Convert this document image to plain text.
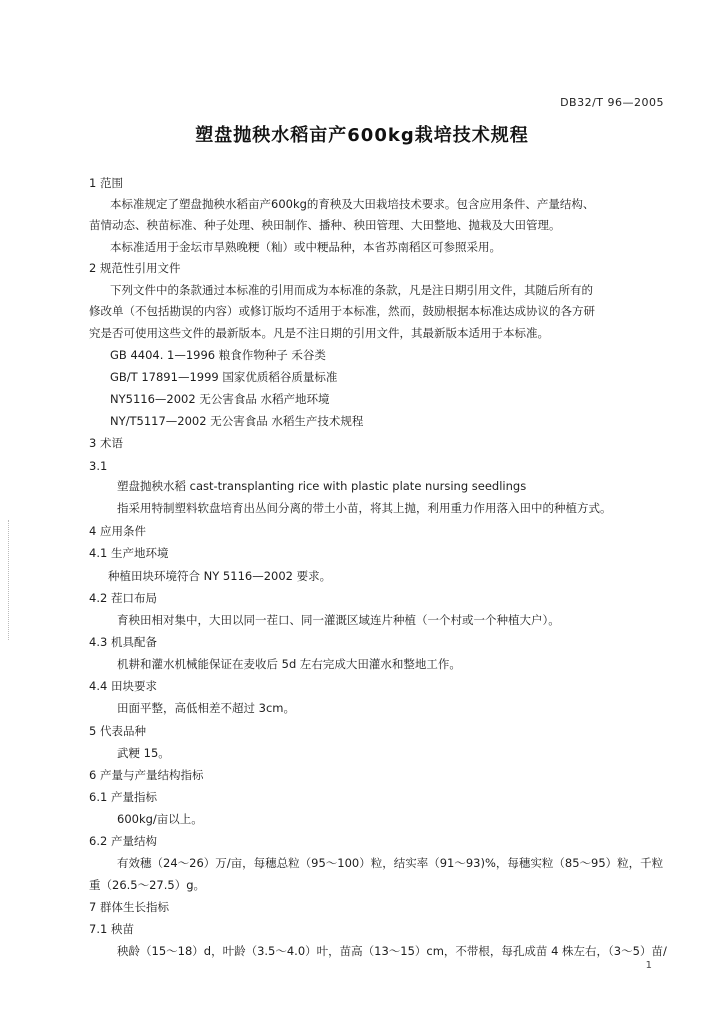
DB32/T 96—2005
塑盘抛秧水稻亩产600kg栽培技术规程
1 范围
本标准规定了塑盘抛秧水稻亩产600kg的育秧及大田栽培技术要求。包含应用条件、产量结构、
苗情动态、秧苗标准、种子处理、秧田制作、播种、秧田管理、大田整地、抛栽及大田管理。
本标准适用于金坛市旱熟晚粳（籼）或中粳品种，本省苏南稻区可参照采用。
2 规范性引用文件
下列文件中的条款通过本标准的引用而成为本标准的条款，凡是注日期引用文件，其随后所有的
修改单（不包括勘误的内容）或修订版均不适用于本标准，然而，鼓励根据本标准达成协议的各方研
究是否可使用这些文件的最新版本。凡是不注日期的引用文件，其最新版本适用于本标准。
GB 4404. 1—1996 粮食作物种子 禾谷类
GB/T 17891—1999 国家优质稻谷质量标准
NY5116—2002 无公害食品 水稻产地环境
NY/T5117—2002 无公害食品 水稻生产技术规程
3 术语
3.1
塑盘抛秧水稻 cast-transplanting rice with plastic plate nursing seedlings
指采用特制塑料软盘培育出丛间分离的带土小苗，将其上抛，利用重力作用落入田中的种植方式。
4 应用条件
4.1 生产地环境
种植田块环境符合 NY 5116—2002 要求。
4.2 茬口布局
育秧田相对集中，大田以同一茬口、同一灌溉区域连片种植（一个村或一个种植大户）。
4.3 机具配备
机耕和灌水机械能保证在麦收后 5d 左右完成大田灌水和整地工作。
4.4 田块要求
田面平整，高低相差不超过 3cm。
5 代表品种
武粳 15。
6 产量与产量结构指标
6.1 产量指标
600kg/亩以上。
6.2 产量结构
有效穗（24～26）万/亩，每穗总粒（95～100）粒，结实率（91～93)%，每穗实粒（85～95）粒，千粒
重（26.5～27.5）g。
7 群体生长指标
7.1 秧苗
秧龄（15～18）d，叶龄（3.5～4.0）叶，苗高（13～15）cm，不带根，每孔成苗 4 株左右，（3～5）苗/
1
